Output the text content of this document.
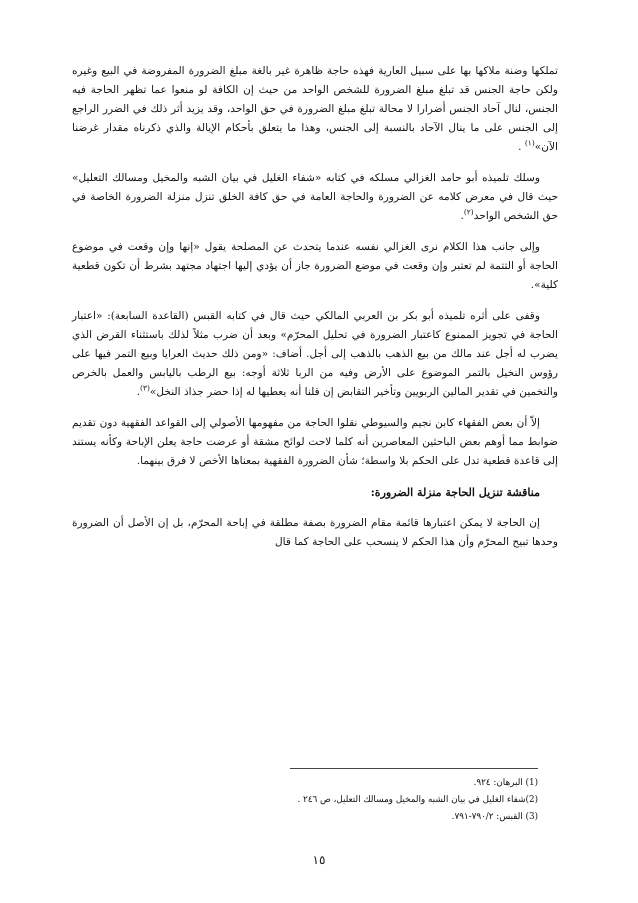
تملكها وضنة ملاكها بها على سبيل العارية فهذه حاجة ظاهرة غير بالغة مبلغ الضرورة المفروضة في البيع وغيره ولكن حاجة الجنس قد تبلغ مبلغ الضرورة للشخص الواحد من حيث إن الكافة لو منعوا عما تظهر الحاجة فيه الجنس، لنال آحاد الجنس أضرارا لا محالة تبلغ مبلغ الضرورة في حق الواحد، وقد يزيد أثر ذلك في الضرر الراجع إلى الجنس على ما ينال الآحاد بالنسبة إلى الجنس، وهذا ما يتعلق بأحكام الإيالة والذي ذكرناه مقدار غرضنا الآن»$^{(١)}$ .

وسلك تلميذه أبو حامد الغزالي مسلكه في كتابه «شفاء الغليل في بيان الشبه والمخيل ومسالك التعليل» حيث قال في معرض كلامه عن الضرورة والحاجة العامة في حق كافة الخلق تنزل منزلة الضرورة الخاصة في حق الشخص الواحد$^{(٢)}$.

وإلى جانب هذا الكلام نرى الغزالي نفسه عندما يتحدث عن المصلحة يقول «إنها وإن وقعت في موضوع الحاجة أو التتمة لم تعتبر وإن وقعت في موضع الضرورة جاز أن يؤدي إليها اجتهاد مجتهد بشرط أن تكون قطعية كلية».

وقفى على أثره تلميذه أبو بكر بن العربي المالكي حيث قال في كتابه القبس (القاعدة السابعة): «اعتبار الحاجة في تجويز الممنوع كاعتبار الضرورة في تحليل المحرّم» وبعد أن ضرب مثلاً لذلك باستثناء القرض الذي يضرب له أجل عند مالك من بيع الذهب بالذهب إلى أجل. أضاف: «ومن ذلك حديث العرايا وبيع التمر فيها على رؤوس النخيل بالتمر الموضوع على الأرض وفيه من الربا ثلاثة أوجه: بيع الرطب باليابس والعمل بالخرص والتخمين في تقدير المالين الربويين وتأخير التقابض إن قلنا أنه يعطيها له إذا حضر جذاذ النخل»$^{(٣)}$.

إلاّ أن بعض الفقهاء كابن نجيم والسيوطي نقلوا الحاجة من مفهومها الأصولي إلى القواعد الفقهية دون تقديم ضوابط مما أوهم بعض الباحثين المعاصرين أنه كلما لاحت لوائح مشقة أو عرضت حاجة يعلن الإباحة وكأنه يستند إلى قاعدة قطعية تدل على الحكم بلا واسطة؛ شأن الضرورة الفقهية بمعناها الأخص لا فرق بينهما.

مناقشة تنزيل الحاجة منزلة الضرورة:

إن الحاجة لا يمكن اعتبارها قائمة مقام الضرورة بصفة مطلقة في إباحة المحرّم، بل إن الأصل أن الضرورة وحدها تبيح المحرّم وأن هذا الحكم لا ينسحب على الحاجة كما قال

(1) البرهان: ٩٢٤.

(2)شفاء الغليل في بيان الشبه والمخيل ومسالك التعليل، ص ٢٤٦ .

(3) القبس: ٧٩٠/٢-٧٩١.

١٥
